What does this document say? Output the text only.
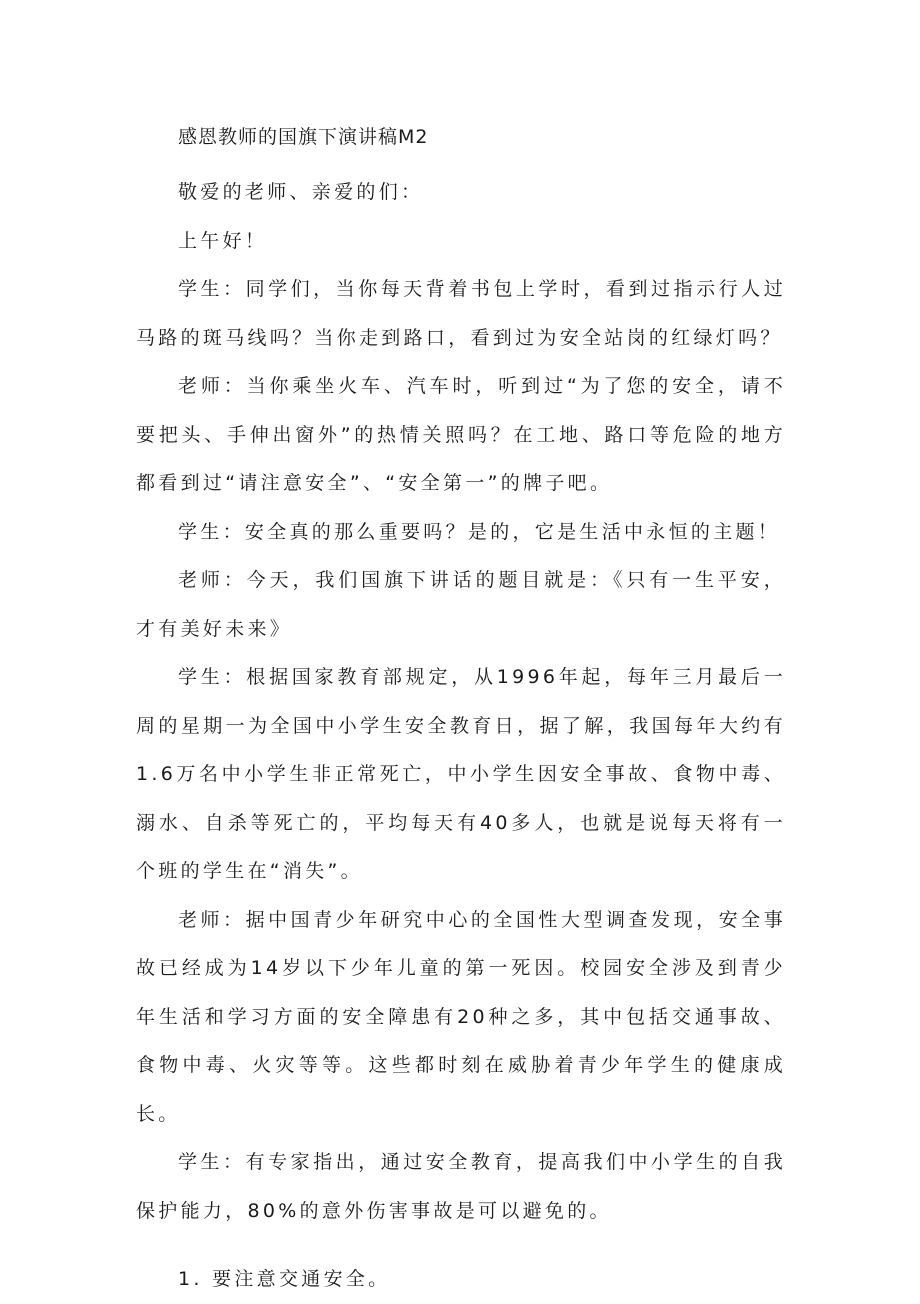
感恩教师的国旗下演讲稿M2

敬爱的老师、亲爱的们：

上午好！

学生：同学们，当你每天背着书包上学时，看到过指示行人过马路的斑马线吗？当你走到路口，看到过为安全站岗的红绿灯吗？

老师：当你乘坐火车、汽车时，听到过“为了您的安全，请不要把头、手伸出窗外”的热情关照吗？在工地、路口等危险的地方都看到过“请注意安全”、“安全第一”的牌子吧。

学生：安全真的那么重要吗？是的，它是生活中永恒的主题！

老师：今天，我们国旗下讲话的题目就是：《只有一生平安，才有美好未来》

学生：根据国家教育部规定，从1996年起，每年三月最后一周的星期一为全国中小学生安全教育日，据了解，我国每年大约有1.6万名中小学生非正常死亡，中小学生因安全事故、食物中毒、溺水、自杀等死亡的，平均每天有40多人，也就是说每天将有一个班的学生在“消失”。

老师：据中国青少年研究中心的全国性大型调查发现，安全事故已经成为14岁以下少年儿童的第一死因。校园安全涉及到青少年生活和学习方面的安全障患有20种之多，其中包括交通事故、食物中毒、火灾等等。这些都时刻在威胁着青少年学生的健康成长。

学生：有专家指出，通过安全教育，提高我们中小学生的自我保护能力，80%的意外伤害事故是可以避免的。

1. 要注意交通安全。
